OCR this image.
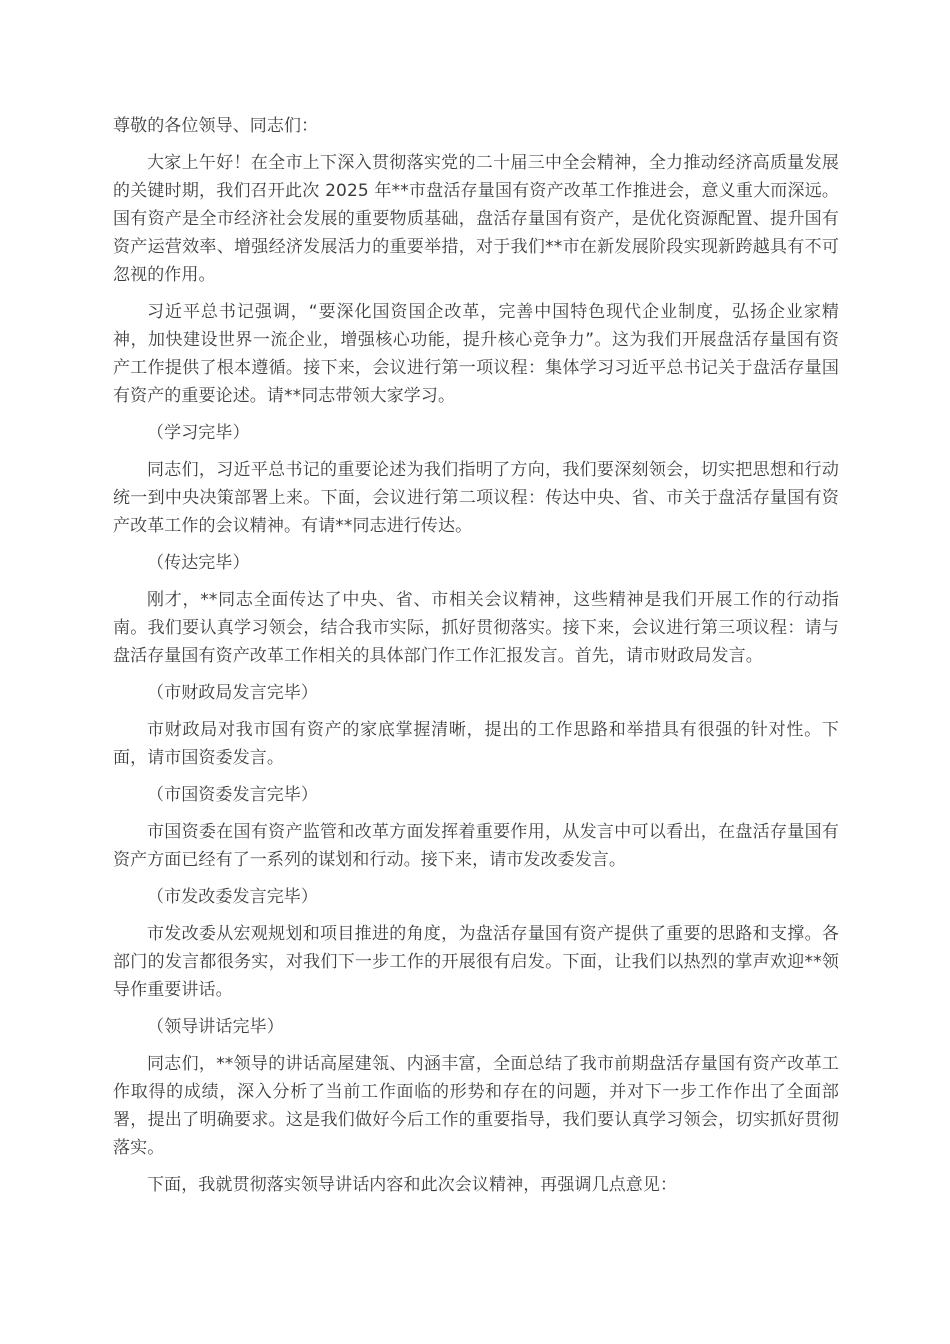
尊敬的各位领导、同志们：

大家上午好！在全市上下深入贯彻落实党的二十届三中全会精神，全力推动经济高质量发展的关键时期，我们召开此次 2025 年**市盘活存量国有资产改革工作推进会，意义重大而深远。国有资产是全市经济社会发展的重要物质基础，盘活存量国有资产，是优化资源配置、提升国有资产运营效率、增强经济发展活力的重要举措，对于我们**市在新发展阶段实现新跨越具有不可忽视的作用。

习近平总书记强调，“要深化国资国企改革，完善中国特色现代企业制度，弘扬企业家精神，加快建设世界一流企业，增强核心功能，提升核心竞争力”。这为我们开展盘活存量国有资产工作提供了根本遵循。接下来，会议进行第一项议程：集体学习习近平总书记关于盘活存量国有资产的重要论述。请**同志带领大家学习。

（学习完毕）

同志们，习近平总书记的重要论述为我们指明了方向，我们要深刻领会，切实把思想和行动统一到中央决策部署上来。下面，会议进行第二项议程：传达中央、省、市关于盘活存量国有资产改革工作的会议精神。有请**同志进行传达。

（传达完毕）

刚才，**同志全面传达了中央、省、市相关会议精神，这些精神是我们开展工作的行动指南。我们要认真学习领会，结合我市实际，抓好贯彻落实。接下来，会议进行第三项议程：请与盘活存量国有资产改革工作相关的具体部门作工作汇报发言。首先，请市财政局发言。

（市财政局发言完毕）

市财政局对我市国有资产的家底掌握清晰，提出的工作思路和举措具有很强的针对性。下面，请市国资委发言。

（市国资委发言完毕）

市国资委在国有资产监管和改革方面发挥着重要作用，从发言中可以看出，在盘活存量国有资产方面已经有了一系列的谋划和行动。接下来，请市发改委发言。

（市发改委发言完毕）

市发改委从宏观规划和项目推进的角度，为盘活存量国有资产提供了重要的思路和支撑。各部门的发言都很务实，对我们下一步工作的开展很有启发。下面，让我们以热烈的掌声欢迎**领导作重要讲话。

（领导讲话完毕）

同志们，**领导的讲话高屋建瓴、内涵丰富，全面总结了我市前期盘活存量国有资产改革工作取得的成绩，深入分析了当前工作面临的形势和存在的问题，并对下一步工作作出了全面部署，提出了明确要求。这是我们做好今后工作的重要指导，我们要认真学习领会，切实抓好贯彻落实。

下面，我就贯彻落实领导讲话内容和此次会议精神，再强调几点意见：
